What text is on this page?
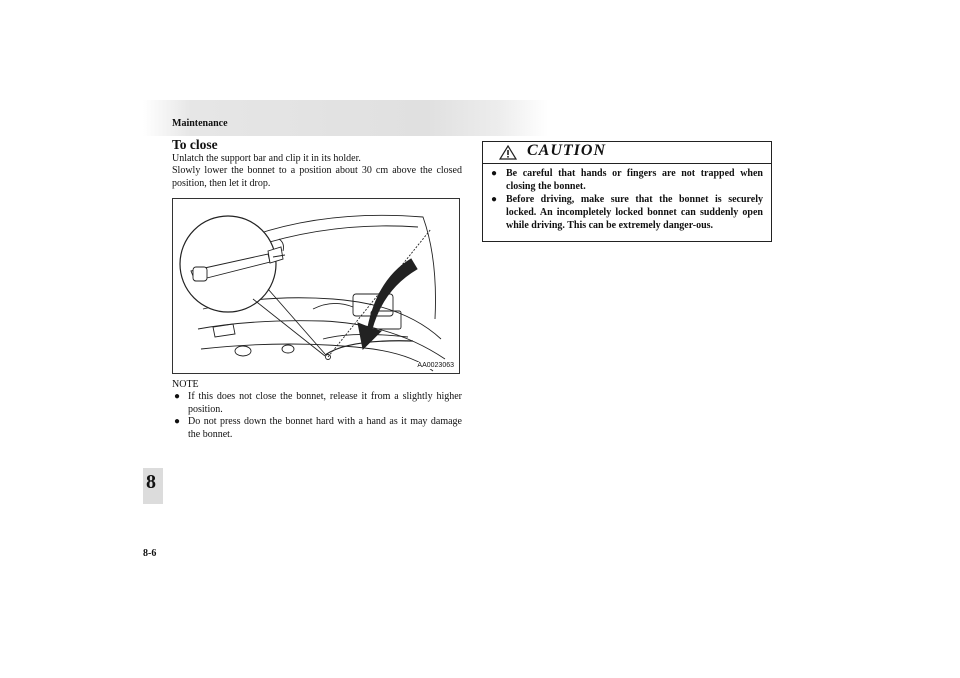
Maintenance
8
8-6
To close
Unlatch the support bar and clip it in its holder.
Slowly lower the bonnet to a position about 30 cm above the closed position, then let it drop.
AA0023063
NOTE
● If this does not close the bonnet, release it from a slightly higher position.
● Do not press down the bonnet hard with a hand as it may damage the bonnet.
CAUTION
● Be careful that hands or fingers are not trapped when closing the bonnet.
● Before driving, make sure that the bonnet is securely locked. An incompletely locked bonnet can suddenly open while driving. This can be extremely danger-ous.
